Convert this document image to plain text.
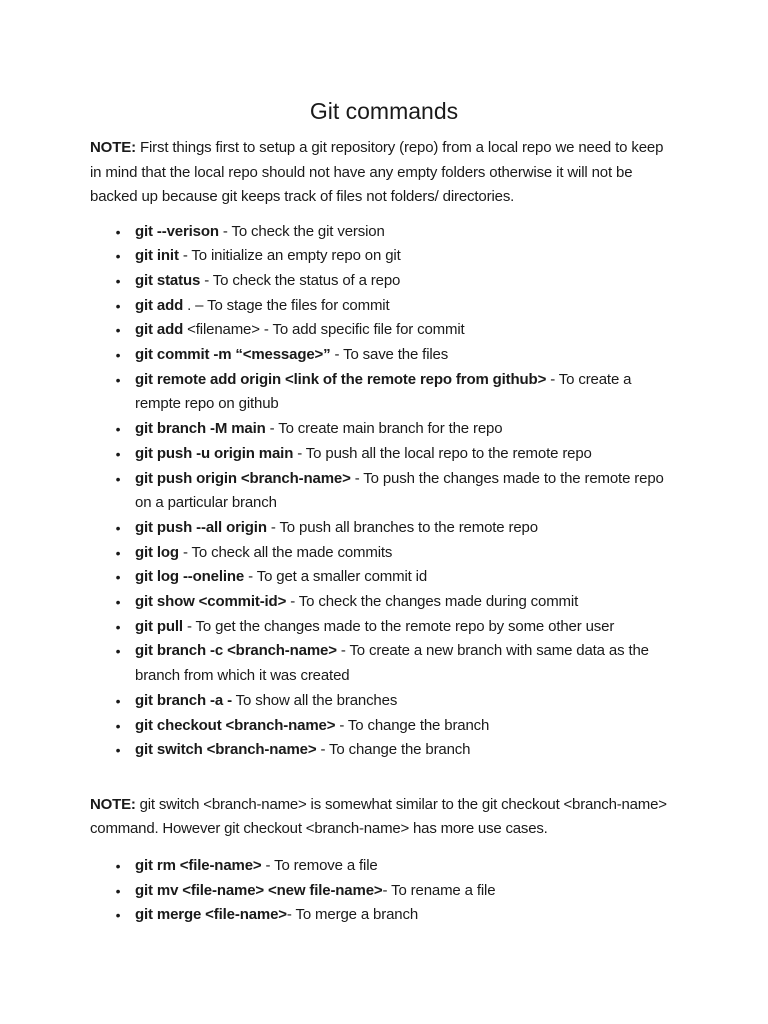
Git commands

NOTE: First things first to setup a git repository (repo) from a local repo we need to keep in mind that the local repo should not have any empty folders otherwise it will not be backed up because git keeps track of files not folders/ directories.

• git --verison - To check the git version
• git init - To initialize an empty repo on git
• git status - To check the status of a repo
• git add . – To stage the files for commit
• git add <filename> - To add specific file for commit
• git commit -m “<message>” - To save the files
• git remote add origin <link of the remote repo from github> - To create a rempte repo on github
• git branch -M main - To create main branch for the repo
• git push -u origin main - To push all the local repo to the remote repo
• git push origin <branch-name> - To push the changes made to the remote repo on a particular branch
• git push --all origin - To push all branches to the remote repo
• git log - To check all the made commits
• git log --oneline - To get a smaller commit id
• git show <commit-id> - To check the changes made during commit
• git pull - To get the changes made to the remote repo by some other user
• git branch -c <branch-name> - To create a new branch with same data as the branch from which it was created
• git branch -a - To show all the branches
• git checkout <branch-name> - To change the branch
• git switch <branch-name> - To change the branch

NOTE: git switch <branch-name> is somewhat similar to the git checkout <branch-name> command. However git checkout <branch-name> has more use cases.

• git rm <file-name> - To remove a file
• git mv <file-name> <new file-name>- To rename a file
• git merge <file-name>- To merge a branch
